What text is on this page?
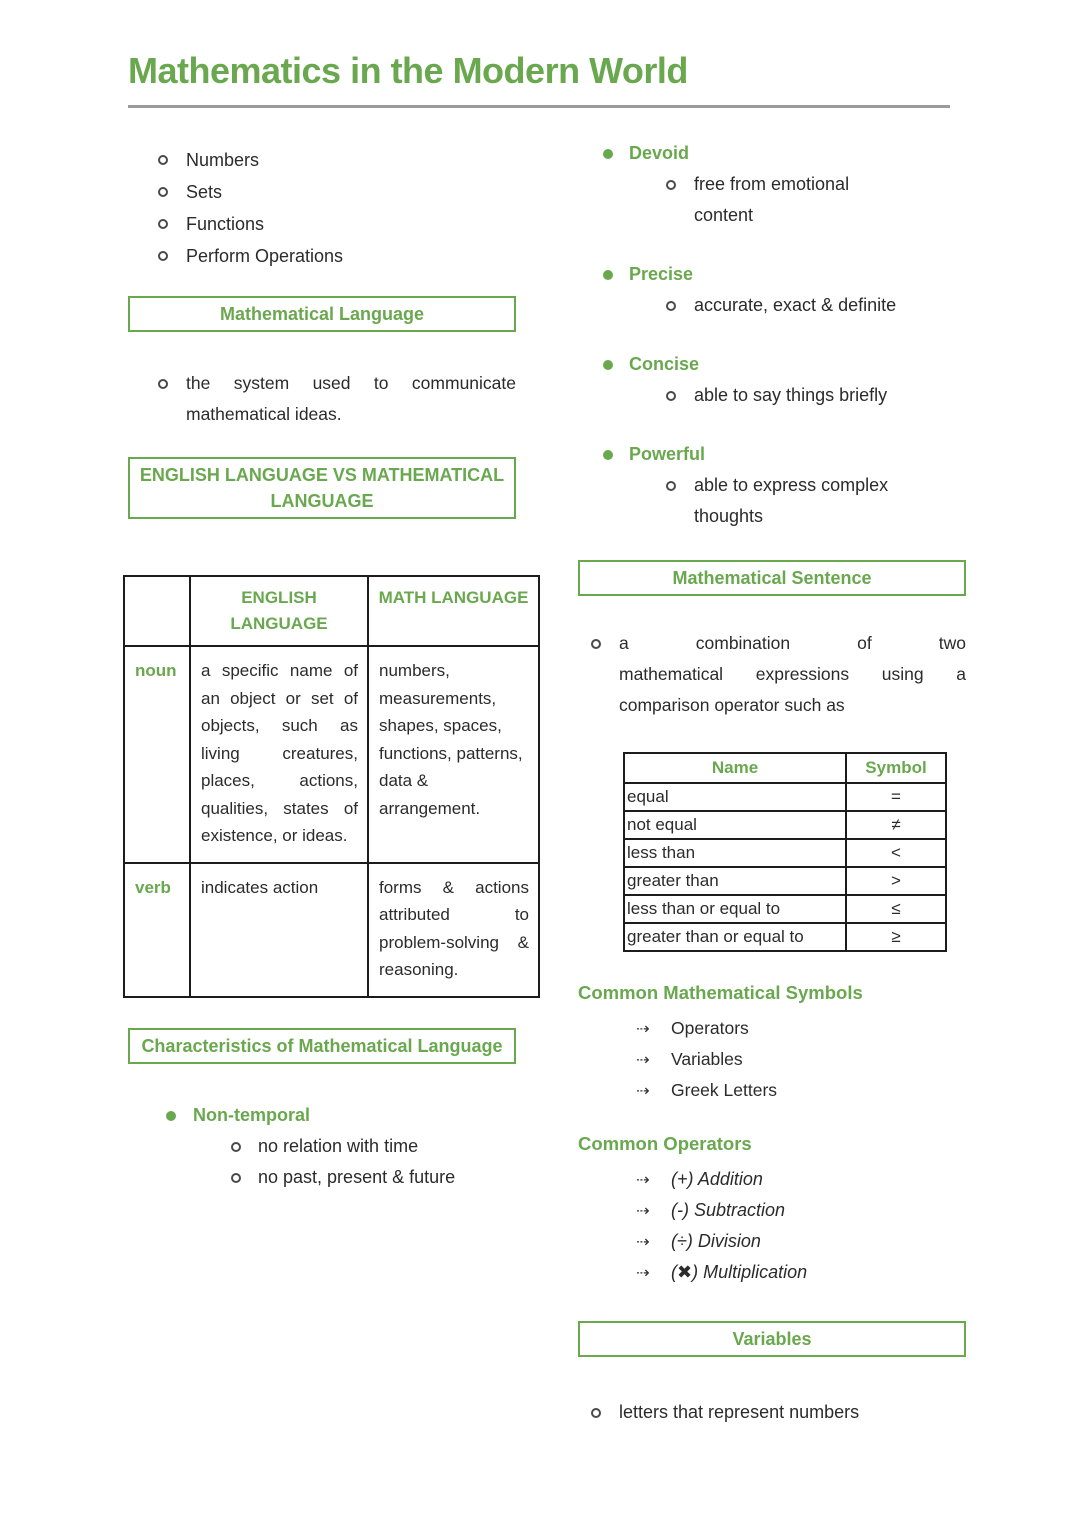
Mathematics in the Modern World
Numbers
Sets
Functions
Perform Operations
Mathematical Language
the system used to communicate
mathematical ideas.
ENGLISH LANGUAGE VS MATHEMATICAL LANGUAGE
	ENGLISH LANGUAGE	MATH LANGUAGE
noun	a specific name of an object or set of objects, such as living creatures, places, actions, qualities, states of existence, or ideas.	numbers, measurements, shapes, spaces, functions, patterns, data & arrangement.
verb	indicates action	forms & actions attributed to problem-solving & reasoning.
Characteristics of Mathematical Language
Non-temporal
no relation with time
no past, present & future
Devoid
free from emotional content
Precise
accurate, exact & definite
Concise
able to say things briefly
Powerful
able to express complex thoughts
Mathematical Sentence
a combination of two
mathematical expressions using a
comparison operator such as
Name	Symbol
equal	=
not equal	≠
less than	<
greater than	>
less than or equal to	≤
greater than or equal to	≥
Common Mathematical Symbols
⇢	Operators
⇢	Variables
⇢	Greek Letters
Common Operators
⇢	(+) Addition
⇢	(-) Subtraction
⇢	(÷) Division
⇢	(✖) Multiplication
Variables
letters that represent numbers
